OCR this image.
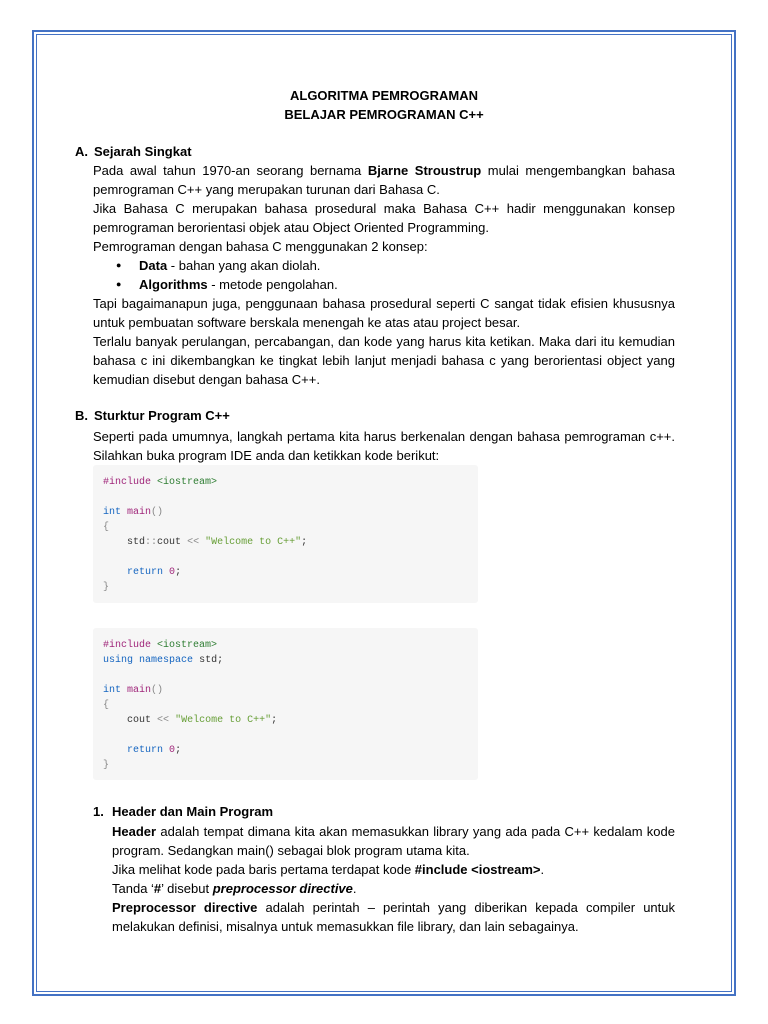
ALGORITMA PEMROGRAMAN
BELAJAR PEMROGRAMAN C++
A. Sejarah Singkat
Pada awal tahun 1970-an seorang bernama Bjarne Stroustrup mulai mengembangkan bahasa pemrograman C++ yang merupakan turunan dari Bahasa C.
Jika Bahasa C merupakan bahasa prosedural maka Bahasa C++ hadir menggunakan konsep pemrograman berorientasi objek atau Object Oriented Programming.
Pemrograman dengan bahasa C menggunakan 2 konsep:
● Data - bahan yang akan diolah.
● Algorithms - metode pengolahan.
Tapi bagaimanapun juga, penggunaan bahasa prosedural seperti C sangat tidak efisien khususnya untuk pembuatan software berskala menengah ke atas atau project besar.
Terlalu banyak perulangan, percabangan, dan kode yang harus kita ketikan. Maka dari itu kemudian bahasa c ini dikembangkan ke tingkat lebih lanjut menjadi bahasa c yang berorientasi object yang kemudian disebut dengan bahasa C++.
B. Sturktur Program C++
Seperti pada umumnya, langkah pertama kita harus berkenalan dengan bahasa pemrograman c++. Silahkan buka program IDE anda dan ketikkan kode berikut:
#include <iostream>

int main()
{
std::cout << "Welcome to C++";

return 0;
}
#include <iostream>
using namespace std;

int main()
{
cout << "Welcome to C++";

return 0;
}
1. Header dan Main Program
Header adalah tempat dimana kita akan memasukkan library yang ada pada C++ kedalam kode program. Sedangkan main() sebagai blok program utama kita.
Jika melihat kode pada baris pertama terdapat kode #include <iostream>.
Tanda ‘#’ disebut preprocessor directive.
Preprocessor directive adalah perintah – perintah yang diberikan kepada compiler untuk melakukan definisi, misalnya untuk memasukkan file library, dan lain sebagainya.
